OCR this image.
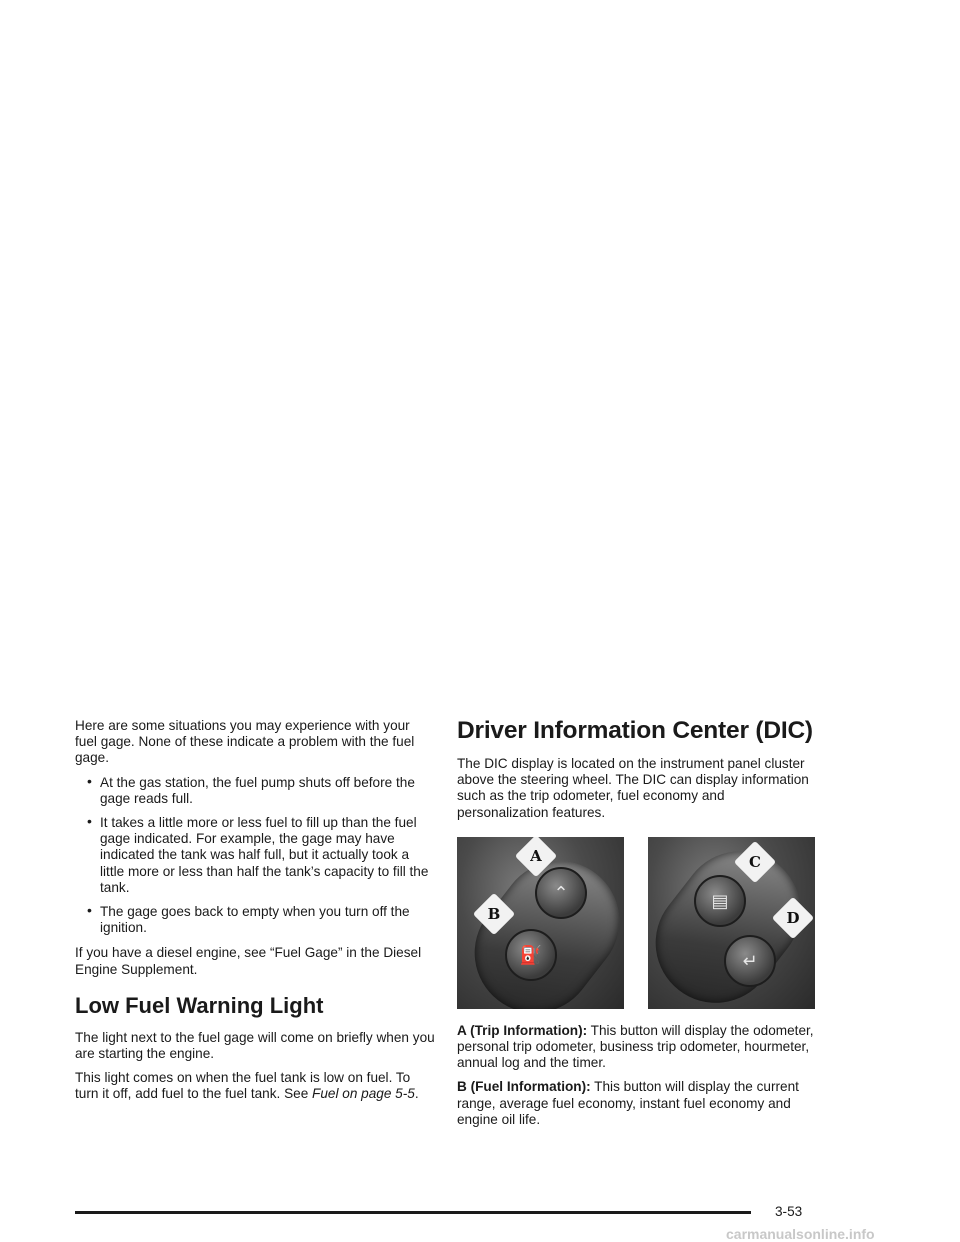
Here are some situations you may experience with your fuel gage. None of these indicate a problem with the fuel gage.

• At the gas station, the fuel pump shuts off before the gage reads full.
• It takes a little more or less fuel to fill up than the fuel gage indicated. For example, the gage may have indicated the tank was half full, but it actually took a little more or less than half the tank’s capacity to fill the tank.
• The gage goes back to empty when you turn off the ignition.

If you have a diesel engine, see “Fuel Gage” in the Diesel Engine Supplement.

Low Fuel Warning Light

The light next to the fuel gage will come on briefly when you are starting the engine.

This light comes on when the fuel tank is low on fuel. To turn it off, add fuel to the fuel tank. See Fuel on page 5-5.

Driver Information Center (DIC)

The DIC display is located on the instrument panel cluster above the steering wheel. The DIC can display information such as the trip odometer, fuel economy and personalization features.

⌃
⛽
A
B
▤
↵
C
D

A (Trip Information): This button will display the odometer, personal trip odometer, business trip odometer, hourmeter, annual log and the timer.

B (Fuel Information): This button will display the current range, average fuel economy, instant fuel economy and engine oil life.

3-53
carmanualsonline.info
